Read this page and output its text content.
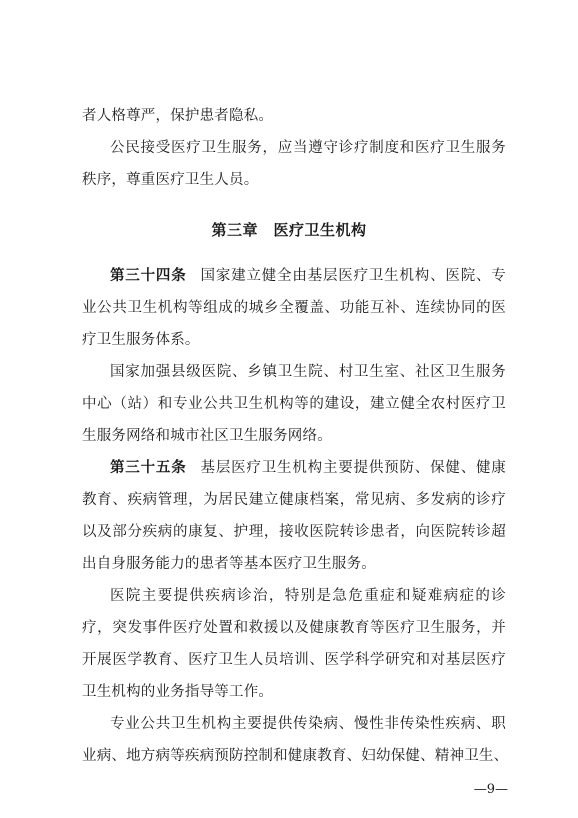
者人格尊严，保护患者隐私。
公民接受医疗卫生服务，应当遵守诊疗制度和医疗卫生服务
秩序，尊重医疗卫生人员。
第三章　医疗卫生机构
第三十四条 国家建立健全由基层医疗卫生机构、医院、专
业公共卫生机构等组成的城乡全覆盖、功能互补、连续协同的医
疗卫生服务体系。
国家加强县级医院、乡镇卫生院、村卫生室、社区卫生服务
中心（站）和专业公共卫生机构等的建设，建立健全农村医疗卫
生服务网络和城市社区卫生服务网络。
第三十五条 基层医疗卫生机构主要提供预防、保健、健康
教育、疾病管理，为居民建立健康档案，常见病、多发病的诊疗
以及部分疾病的康复、护理，接收医院转诊患者，向医院转诊超
出自身服务能力的患者等基本医疗卫生服务。
医院主要提供疾病诊治，特别是急危重症和疑难病症的诊
疗，突发事件医疗处置和救援以及健康教育等医疗卫生服务，并
开展医学教育、医疗卫生人员培训、医学科学研究和对基层医疗
卫生机构的业务指导等工作。
专业公共卫生机构主要提供传染病、慢性非传染性疾病、职
业病、地方病等疾病预防控制和健康教育、妇幼保健、精神卫生、
—9—
